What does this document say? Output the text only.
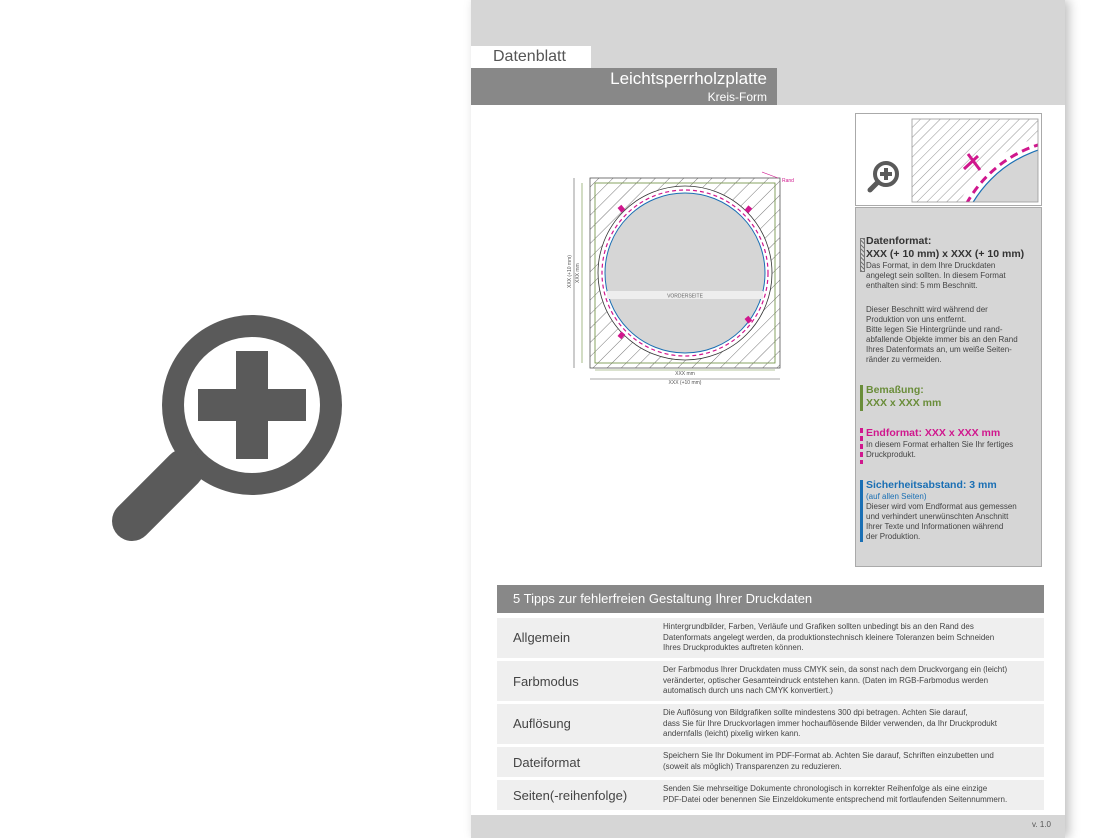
Datenblatt
Leichtsperrholzplatte
Kreis-Form
VORDERSEITE
Rand
XXX mm
XXX (+10 mm)
XXX mm
XXX (+10 mm)
Datenformat:
XXX (+ 10 mm) x XXX (+ 10 mm)
Das Format, in dem Ihre Druckdaten
angelegt sein sollten. In diesem Format
enthalten sind: 5 mm Beschnitt.
Dieser Beschnitt wird während der
Produktion von uns entfernt.
Bitte legen Sie Hintergründe und rand-
abfallende Objekte immer bis an den Rand
Ihres Datenformats an, um weiße Seiten-
ränder zu vermeiden.
Bemaßung:
XXX x XXX mm
Endformat: XXX x XXX mm
In diesem Format erhalten Sie Ihr fertiges
Druckprodukt.
Sicherheitsabstand: 3 mm
(auf allen Seiten)
Dieser wird vom Endformat aus gemessen
und verhindert unerwünschten Anschnitt
Ihrer Texte und Informationen während
der Produktion.
5 Tipps zur fehlerfreien Gestaltung Ihrer Druckdaten
Allgemein
Hintergrundbilder, Farben, Verläufe und Grafiken sollten unbedingt bis an den Rand des
Datenformats angelegt werden, da produktionstechnisch kleinere Toleranzen beim Schneiden
Ihres Druckproduktes auftreten können.
Farbmodus
Der Farbmodus Ihrer Druckdaten muss CMYK sein, da sonst nach dem Druckvorgang ein (leicht)
veränderter, optischer Gesamteindruck entstehen kann. (Daten im RGB-Farbmodus werden
automatisch durch uns nach CMYK konvertiert.)
Auflösung
Die Auflösung von Bildgrafiken sollte mindestens 300 dpi betragen. Achten Sie darauf,
dass Sie für Ihre Druckvorlagen immer hochauflösende Bilder verwenden, da Ihr Druckprodukt
andernfalls (leicht) pixelig wirken kann.
Dateiformat	Speichern Sie Ihr Dokument im PDF-Format ab. Achten Sie darauf, Schriften einzubetten und
(soweit als möglich) Transparenzen zu reduzieren.
Seiten(-reihenfolge)	Senden Sie mehrseitige Dokumente chronologisch in korrekter Reihenfolge als eine einzige
PDF-Datei oder benennen Sie Einzeldokumente entsprechend mit fortlaufenden Seitennummern.
v. 1.0
